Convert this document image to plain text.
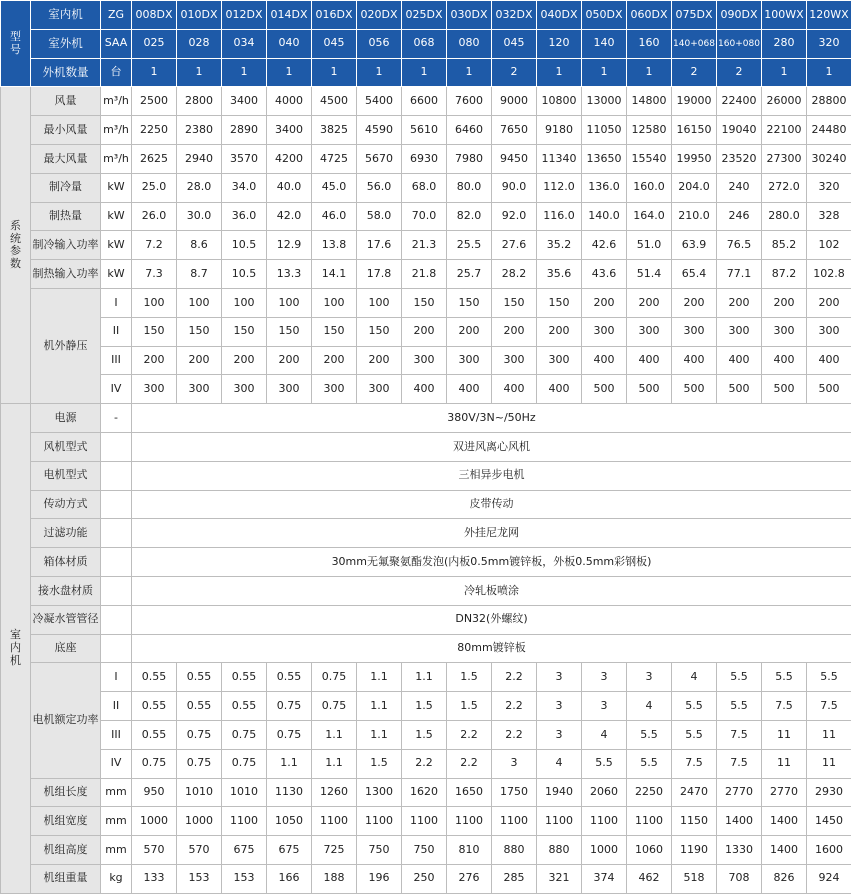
型号	室内机	ZG	008DX	010DX	012DX	014DX	016DX	020DX	025DX	030DX	032DX	040DX	050DX	060DX	075DX	090DX	100WX	120WX
	室外机	SAA	025	028	034	040	045	056	068	080	045	120	140	160	140+068	160+080	280	320
	外机数量	台	1	1	1	1	1	1	1	1	2	1	1	1	2	2	1	1
系统参数	风量	m³/h	2500	2800	3400	4000	4500	5400	6600	7600	9000	10800	13000	14800	19000	22400	26000	28800
	最小风量	m³/h	2250	2380	2890	3400	3825	4590	5610	6460	7650	9180	11050	12580	16150	19040	22100	24480
	最大风量	m³/h	2625	2940	3570	4200	4725	5670	6930	7980	9450	11340	13650	15540	19950	23520	27300	30240
	制冷量	kW	25.0	28.0	34.0	40.0	45.0	56.0	68.0	80.0	90.0	112.0	136.0	160.0	204.0	240	272.0	320
	制热量	kW	26.0	30.0	36.0	42.0	46.0	58.0	70.0	82.0	92.0	116.0	140.0	164.0	210.0	246	280.0	328
	制冷输入功率	kW	7.2	8.6	10.5	12.9	13.8	17.6	21.3	25.5	27.6	35.2	42.6	51.0	63.9	76.5	85.2	102
	制热输入功率	kW	7.3	8.7	10.5	13.3	14.1	17.8	21.8	25.7	28.2	35.6	43.6	51.4	65.4	77.1	87.2	102.8
	机外静压	I	100	100	100	100	100	100	150	150	150	150	200	200	200	200	200	200
		II	150	150	150	150	150	150	200	200	200	200	300	300	300	300	300	300
		III	200	200	200	200	200	200	300	300	300	300	400	400	400	400	400	400
		IV	300	300	300	300	300	300	400	400	400	400	500	500	500	500	500	500
室内机	电源	-	380V/3N~/50Hz															
	风机型式		双进风离心风机															
	电机型式		三相异步电机															
	传动方式		皮带传动															
	过滤功能		外挂尼龙网															
	箱体材质		30mm无氟聚氨酯发泡(内板0.5mm镀锌板，外板0.5mm彩钢板)															
	接水盘材质		冷轧板喷涂															
	冷凝水管管径		DN32(外螺纹)															
	底座		80mm镀锌板															
	电机额定功率	I	0.55	0.55	0.55	0.55	0.75	1.1	1.1	1.5	2.2	3	3	3	4	5.5	5.5	5.5
		II	0.55	0.55	0.55	0.75	0.75	1.1	1.5	1.5	2.2	3	3	4	5.5	5.5	7.5	7.5
		III	0.55	0.75	0.75	0.75	1.1	1.1	1.5	2.2	2.2	3	4	5.5	5.5	7.5	11	11
		IV	0.75	0.75	0.75	1.1	1.1	1.5	2.2	2.2	3	4	5.5	5.5	7.5	7.5	11	11
	机组长度	mm	950	1010	1010	1130	1260	1300	1620	1650	1750	1940	2060	2250	2470	2770	2770	2930
	机组宽度	mm	1000	1000	1100	1050	1100	1100	1100	1100	1100	1100	1100	1100	1150	1400	1400	1450
	机组高度	mm	570	570	675	675	725	750	750	810	880	880	1000	1060	1190	1330	1400	1600
	机组重量	kg	133	153	153	166	188	196	250	276	285	321	374	462	518	708	826	924
